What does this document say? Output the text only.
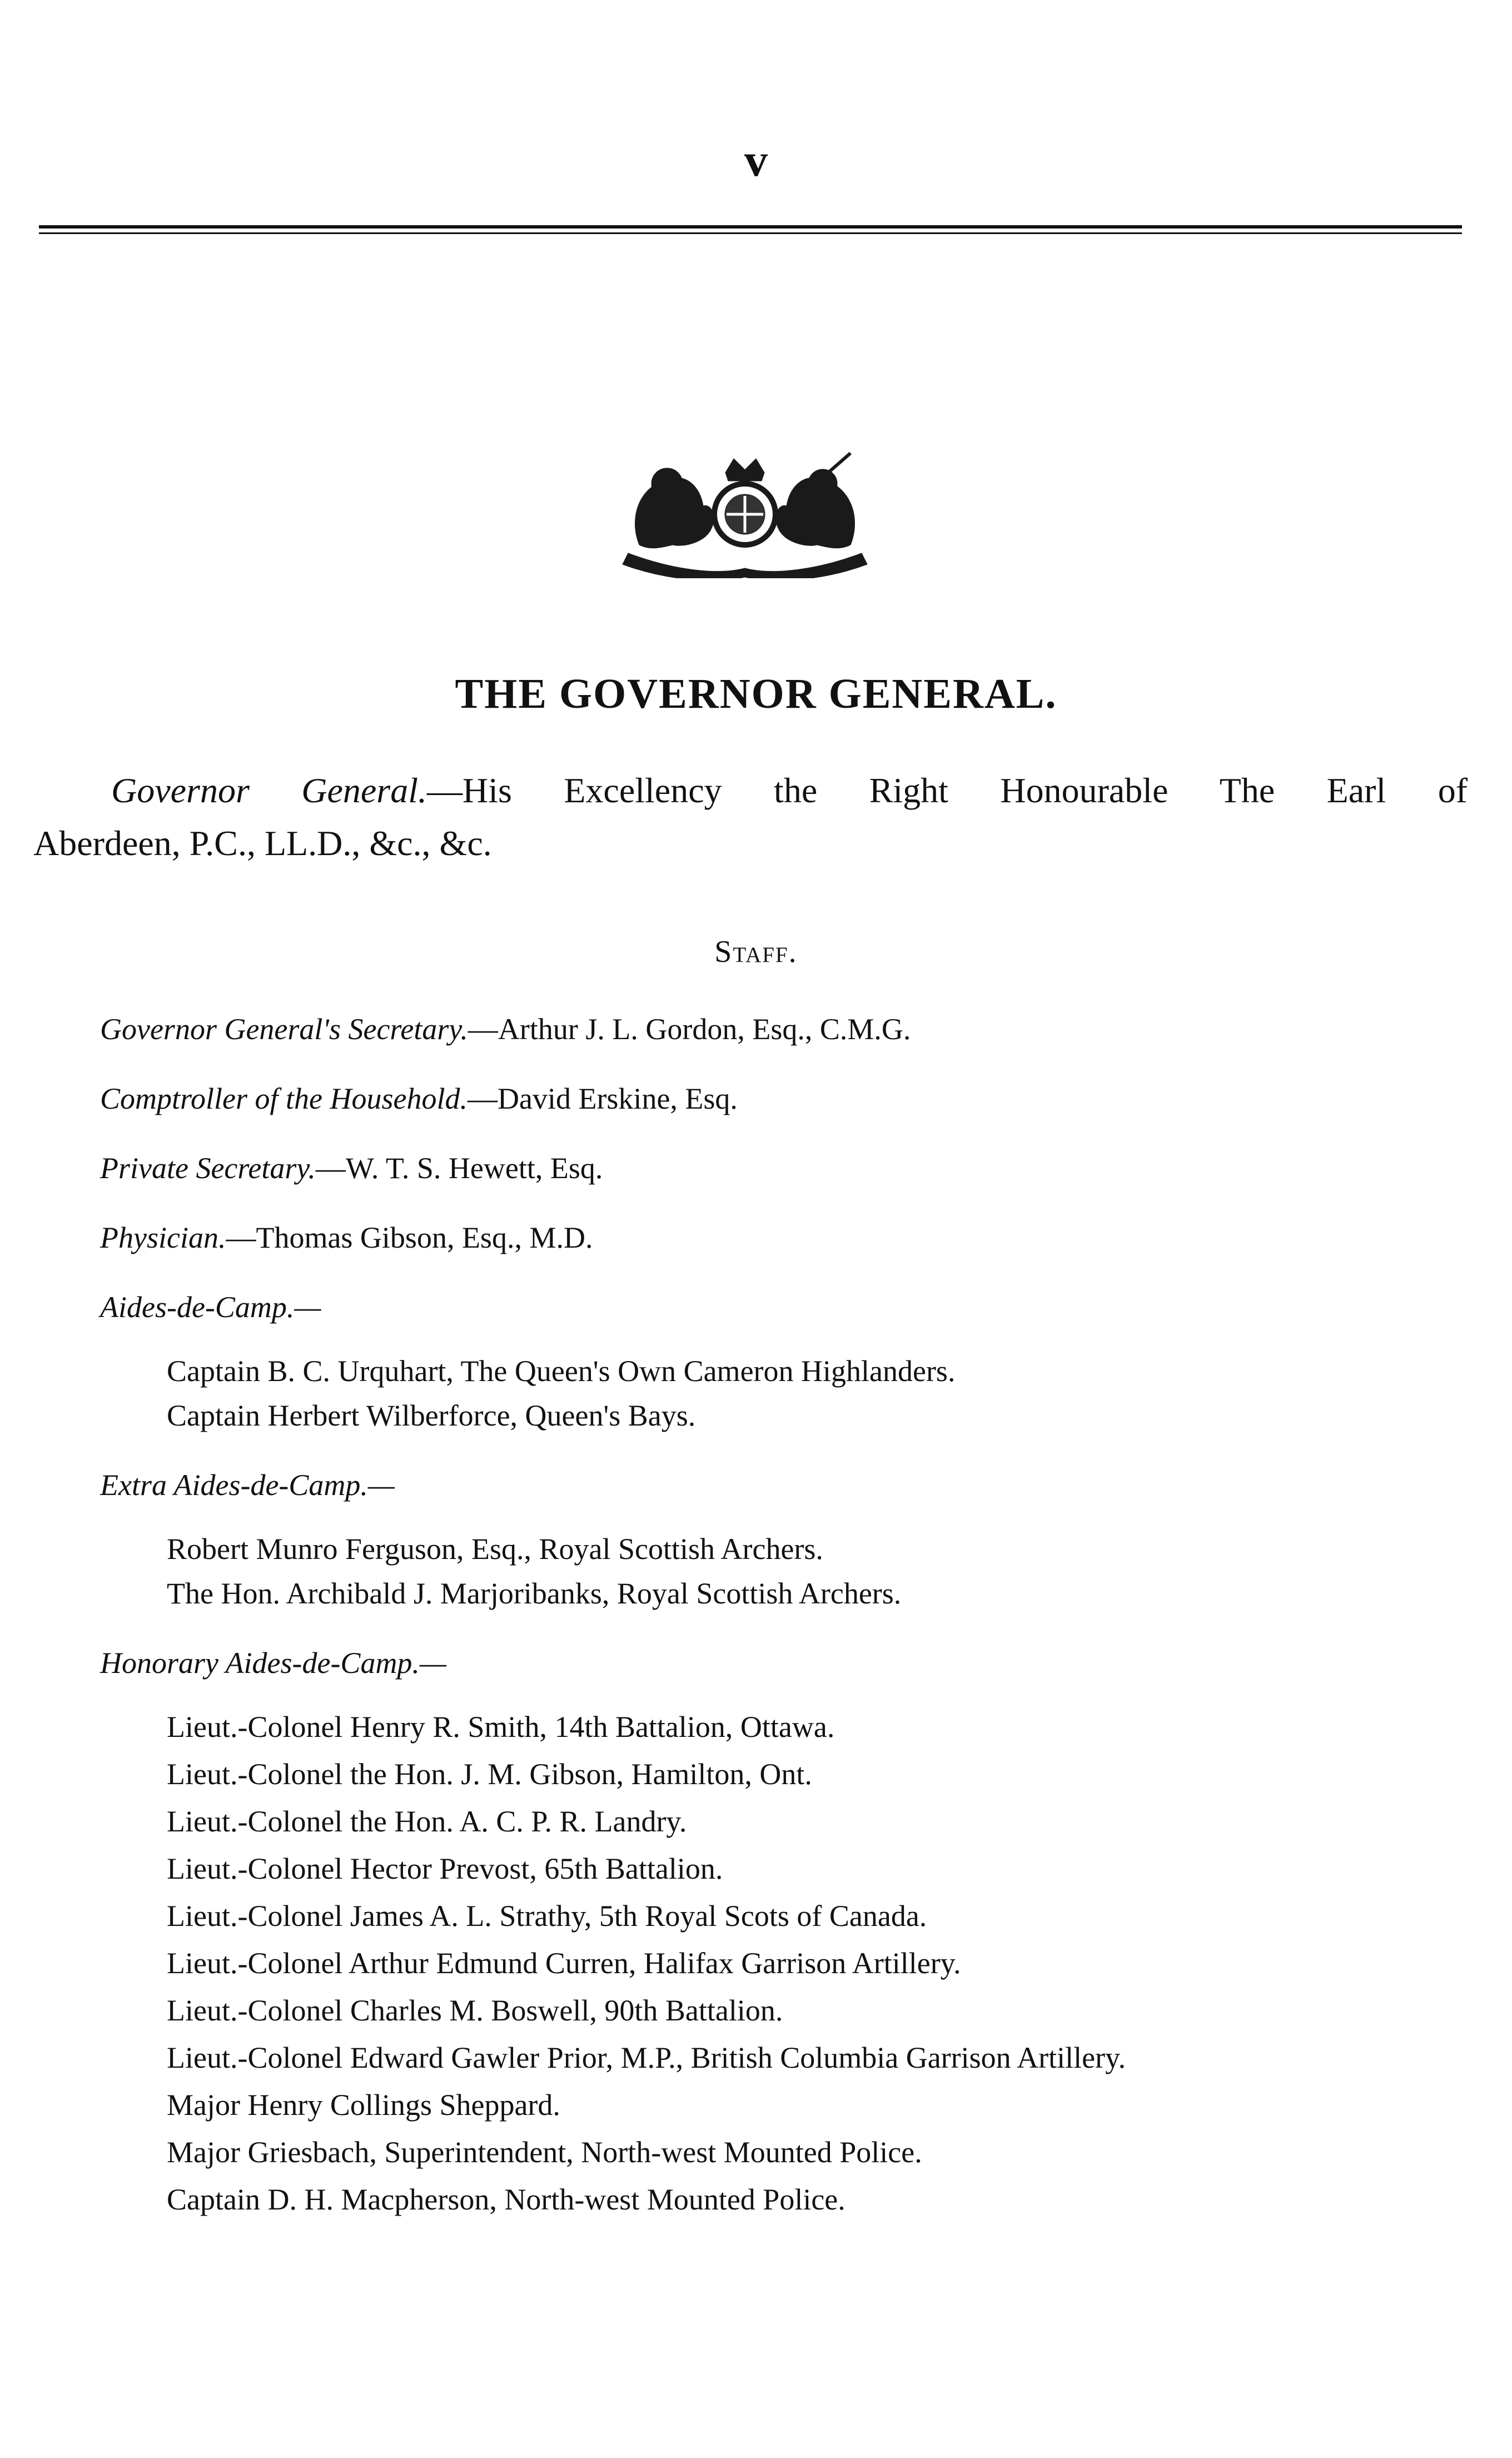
v
THE GOVERNOR GENERAL.
Governor General.—His Excellency the Right Honourable The Earl of
Aberdeen, P.C., LL.D., &c., &c.
Staff.
Governor General's Secretary.—Arthur J. L. Gordon, Esq., C.M.G.
Comptroller of the Household.—David Erskine, Esq.
Private Secretary.—W. T. S. Hewett, Esq.
Physician.—Thomas Gibson, Esq., M.D.
Aides-de-Camp.—
Captain B. C. Urquhart, The Queen's Own Cameron Highlanders.
Captain Herbert Wilberforce, Queen's Bays.
Extra Aides-de-Camp.—
Robert Munro Ferguson, Esq., Royal Scottish Archers.
The Hon. Archibald J. Marjoribanks, Royal Scottish Archers.
Honorary Aides-de-Camp.—
Lieut.-Colonel Henry R. Smith, 14th Battalion, Ottawa.
Lieut.-Colonel the Hon. J. M. Gibson, Hamilton, Ont.
Lieut.-Colonel the Hon. A. C. P. R. Landry.
Lieut.-Colonel Hector Prevost, 65th Battalion.
Lieut.-Colonel James A. L. Strathy, 5th Royal Scots of Canada.
Lieut.-Colonel Arthur Edmund Curren, Halifax Garrison Artillery.
Lieut.-Colonel Charles M. Boswell, 90th Battalion.
Lieut.-Colonel Edward Gawler Prior, M.P., British Columbia Garrison Artillery.
Major Henry Collings Sheppard.
Major Griesbach, Superintendent, North-west Mounted Police.
Captain D. H. Macpherson, North-west Mounted Police.
